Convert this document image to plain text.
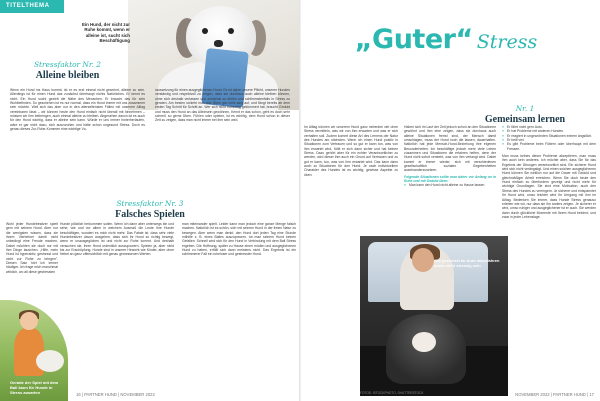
TITELTHEMA
Ein Hund, der nicht zur Ruhe kommt, wenn er alleine ist, sucht sich Beschäftigung
Stressfaktor Nr. 2
Alleine bleiben
Wenn ein Hund ins Haus kommt, ist er es erst einmal nicht gewohnt, alleine zu sein. Allerdings ist für einen Hund das zunächst überhaupt nichts Natürliches. Er kennt es nicht. Ein Hund sucht gezielt die Nähe des Menschen. Er braucht das für sein Wohlbefinden. So geschehen ist es nur normal, dass ein Hund immer mit uns zusammen sein möchte. Weil sich das aber nur in den allerseltensten Fällen mit unserem Alltag vereinbaren lässt – wir können heute den Hund einfach nicht überall mit hinnehmen – müssen wir ihm beibringen, auch einmal alleine zu bleiben. Abgesehen davon ist es auch für den Hund wichtig, dass er alleine sein kann. Würde er uns immer hinterherlaufen, wäre er gar nicht dazu, sich auszuruhen und hätte schon ungesund Stress. Doch es genau dieses Zur-Ruhe-Kommen eine wichtige Vo-
raussetzung für einen ausgeglichenen Hund. Es ist daher unsere Pflicht, unseren Hunden verständig und respektvoll zu zeigen, dass sie durchaus auch alleine bleiben können, ohne sich deshalb verlassen und zunächst zu fühlen und schlimmstenfalls in Stress zu geraten. Am besten schiebt man das Üben gar nicht lang auf, und fängt bereits ab dem ersten Tag Schritt für Schritt an. Wer sich nicht frühzeitig gekümmert hat, braucht Geduld und muss den Hund an das Alleinsein gewöhnen. Kennt er das schon, geht es doch sehr schnell, so gerne Üben. Fühlen oder spielen, ist es wichtig, dem Hund schon in dieser Zeit zu zeigen, dass man nicht immer bei ihm sein wird.
Stressfaktor Nr. 3
Falsches Spielen
Wohl jeder Hundebesitzer spielt gern mit seinem Hund. Aber nur die wenigsten wissen, dass sie ihrem Vierbeiner damit nicht unbedingt eine Freude machen. Dabei möchten sie doch nur mit ihm Dinge tauschen. „Hilfe, mein Hund ist hyperaktiv, gestresst und nicht zur Ruhe zu bringen". Diesen Satz hört ich immer häufiger. Ich frage mich manchmal wirklich, wo all diese gestressten
Hunde plötzlich herkommen sollen. Wenn ich dann aber unterwegs bin und sehe, wie und vor allem in welchem Ausmaß die Leute ihre Hunde beschäftigen, wundert es mich nicht mehr. Das Fatale ist, dass sehr viele Hundebesitzer davon ausgehen, dass sich ihr Hund so richtig bewegt, wenn er unausgeglichen ist und nicht zur Ruhe kommt. Und deshalb versuchen sie, ihren Hund ordentlich auszupowern. Spielen ja, aber nicht bis zur Erschöpfung. Hunde sind in unserer Hinsicht wie Kinder, aber ohne Nebel an ganz offensichtlich mit genau gemessenen Werten.
man miteinander spielt. Leider kann man jedoch eine ganze Menge falsch machen. Natürlich ist es schön, sich mit seinem Hund in der freien Natur zu bewegen. Aber wenn man denkt, den Hund dort jeden Tag eine Stunde mithilfe z. B. eines Balles auszupowern, tut man seinem Hund keinen Gefallen. Schnell wird sich für den Hund in Verbindung mit dem Ball Stress ergeben. Die Hoffnung, später zu Hause einen müden und ausgeglichenen Hund zu haben, erfüllt sich dann meistens nicht. Das Ergebnis ist ein schlimmerer Fall ein ruheloser und gestresster Hund.
Gerade der Spiel mit dem Ball kann für Hunde in Stress ausarten	16 | PARTNER HUND | NOVEMBER 2022
„Guter“ Stress
Nr. 1
Gemeinsam lernen
Im Alltag können wir unserem Hund ganz nebenbei viel ohne Stress vermitteln, was wir von ihm erwarten und was er sich verhalten soll. Zudem kommt diese Art des Lernens der Natur des Hundes am nächsten. Wenn ich einen Hund positiv in Situationen zum Vertrauen und so gut er kann tun, was von ihm erwartet wird, fühlt er sich dann sicher und hat keinen Stress. Dazu gehört aber für ein echter Verantwortlicher zu werden, wird dieser ihm auch ein Grund auf Vertrauen und zu gut er kann, tun, was von ihm erwartet wird. Das kann dann auch zu Situationen für den Hund. Je nach individuellem Charakter des Hundes ist es wichtig, gewisse Aspekte zu üben.
Haben sich im Lauf der Zeit jedoch schon an den Situationen gewöhnt und ihm eine zeigen, dass sie durchaus auch alleine Situationen fremd sind, der Mensch damit umschlagen, muss der Hund noch die lassen, dauerhaften. Natürlich hat jede Mensch-Hund-Beziehung ihre eigenen Besonderheiten. Ich beschäftige jedoch mehr viele Leben zusammen und Situationen die erfahren helfen, denn der Hund nicht sofort versteht, was von ihm verlangt wird. Dabei kommt er immer wieder, sich mit verschiedenen gesellschaftlich sozialen Gegebenheiten auseinanderzusetzen.
Folgende Situationen sollte man daher vor Anfang an in Ruhe und mit Geduld üben:
» Man kann den Hund nicht alleine zu Hause lassen
» Er fährt nicht gern Auto.
» Er hat Probleme mit anderen Hunden.
» Er reagiert in ungewohnten Situationen extrem ängstlich.
» Er bellt viel.
» Es gibt Probleme beim Füttern oder überhaupt mit dem Fressen.
Man muss keines dieser Probleme akzeptieren, man muss ihm auch kein anderes. Ich möchte aber, dass Sie für das Ergebnis der Übungen verantwortlich sind. Ein sicherer Hund wird sich nicht verängstigt. Und einen solchen ausgeglichenen Hund können Sie wirklich nur auf die Dauer mit Geduld und gleichmäßiger Arbeit erreichen. Wenn Sie doch heute den Hund einfach zu überfordern gezeigt und nicht mehr für wichtige Grundlagen. Sie sind eine Motivation, auch den Stress des Hundes zu verringern. Je sicherer und entspannter Ihr Hund wird, umso leichter wird Ihr Umgang mit ihm im Alltag. Bedenken Sie immer, dass Hunde Stress genauso erleben wie wir, nur dass sie ihn anders zeigen. Je sicherer er wird, umso ruhiger und ausgeglichener ist er auch. Sie werden dann durch glückliche Momente mit Ihrem Hund belohnt, und zwar in jeder Lebenslage.
Gut gesichert im Auto mitzufahren muss nicht stressig sein
FOTOS: ISTOCKPHOTO, SHUTTERSTOCK	NOVEMBER 2022 | PARTNER HUND | 17
